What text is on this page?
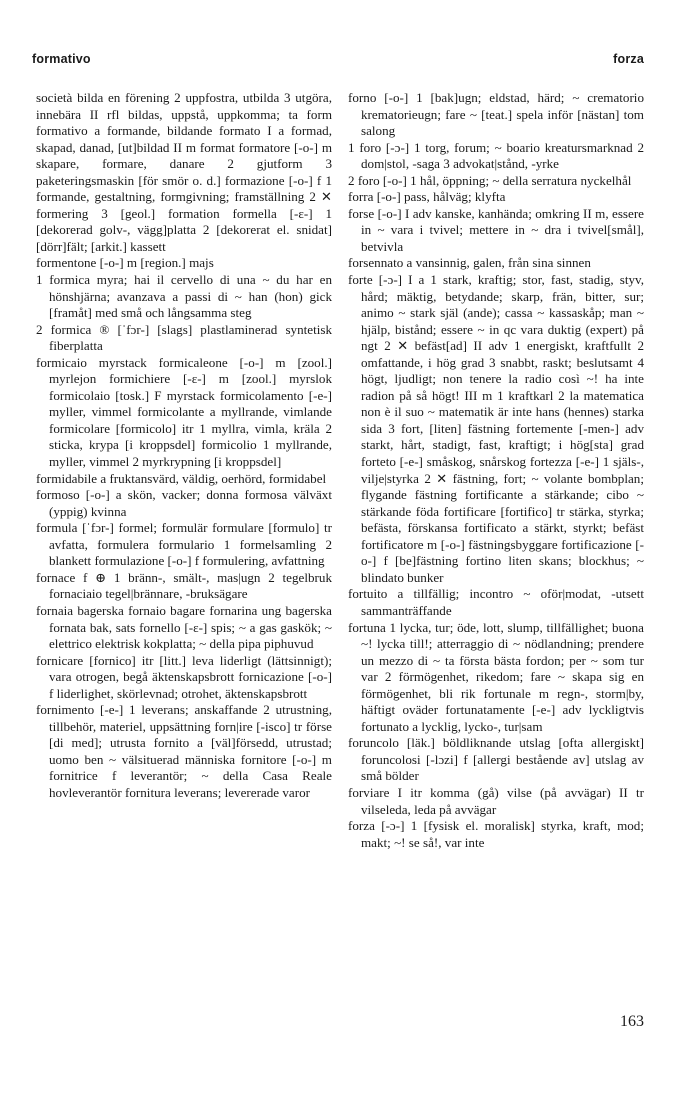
formativo	forza

società bilda en förening 2 uppfostra, utbilda 3 utgöra, innebära II rfl bildas, uppstå, uppkomma; ta form formativo a formande, bildande formato I a formad, skapad, danad, [ut]bildad II m format formatore [-o-] m skapare, formare, danare 2 gjutform 3 paketeringsmaskin [för smör o. d.] formazione [-o-] f 1 formande, gestaltning, formgivning; framställning 2 ✕ formering 3 [geol.] formation formella [-ε-] 1 [dekorerad golv-, vägg]platta 2 [dekorerat el. snidat] [dörr]fält; [arkit.] kassett

formentone [-o-] m [region.] majs

1 formica myra; hai il cervello di una ~ du har en hönshjärna; avanzava a passi di ~ han (hon) gick [framåt] med små och långsamma steg

2 formica ® [ˈfɔr-] [slags] plastlaminerad syntetisk fiberplatta

formicaio myrstack formicaleone [-o-] m [zool.] myrlejon formichiere [-ε-] m [zool.] myrslok formicolaio [tosk.] F myrstack formicolamento [-e-] myller, vimmel formicolante a myllrande, vimlande formicolare [formicolo] itr 1 myllra, vimla, kräla 2 sticka, krypa [i kroppsdel] formicolio 1 myllrande, myller, vimmel 2 myrkrypning [i kroppsdel]

formidabile a fruktansvärd, väldig, oerhörd, formidabel

formoso [-o-] a skön, vacker; donna formosa välväxt (yppig) kvinna

formula [ˈfɔr-] formel; formulär formulare [formulo] tr avfatta, formulera formulario 1 formelsamling 2 blankett formulazione [-o-] f formulering, avfattning

fornace f ⊕ 1 bränn-, smält-, mas|ugn 2 tegelbruk fornaciaio tegel|brännare, -bruksägare

fornaia bagerska fornaio bagare fornarina ung bagerska fornata bak, sats fornello [-ε-] spis; ~ a gas gaskök; ~ elettrico elektrisk kokplatta; ~ della pipa piphuvud

fornicare [fornico] itr [litt.] leva liderligt (lättsinnigt); vara otrogen, begå äktenskapsbrott fornicazione [-o-] f liderlighet, skörlevnad; otrohet, äktenskapsbrott

fornimento [-e-] 1 leverans; anskaffande 2 utrustning, tillbehör, materiel, uppsättning forn|ire [-isco] tr förse [di med]; utrusta fornito a [väl]försedd, utrustad; uomo ben ~ välsituerad människa fornitore [-o-] m fornitrice f leverantör; ~ della Casa Reale hovleverantör fornitura leverans; levererade varor

forno [-o-] 1 [bak]ugn; eldstad, härd; ~ crematorio krematorieugn; fare ~ [teat.] spela inför [nästan] tom salong

1 foro [-ɔ-] 1 torg, forum; ~ boario kreatursmarknad 2 dom|stol, -saga 3 advokat|stånd, -yrke

2 foro [-o-] 1 hål, öppning; ~ della serratura nyckelhål

forra [-o-] pass, hålväg; klyfta

forse [-o-] I adv kanske, kanhända; omkring II m, essere in ~ vara i tvivel; mettere in ~ dra i tvivel[smål], betvivla

forsennato a vansinnig, galen, från sina sinnen

forte [-ɔ-] I a 1 stark, kraftig; stor, fast, stadig, styv, hård; mäktig, betydande; skarp, frän, bitter, sur; animo ~ stark själ (ande); cassa ~ kassaskåp; man ~ hjälp, bistånd; essere ~ in qc vara duktig (expert) på ngt 2 ✕ befäst[ad] II adv 1 energiskt, kraftfullt 2 omfattande, i hög grad 3 snabbt, raskt; beslutsamt 4 högt, ljudligt; non tenere la radio così ~! ha inte radion på så högt! III m 1 kraftkarl 2 la matematica non è il suo ~ matematik är inte hans (hennes) starka sida 3 fort, [liten] fästning fortemente [-men-] adv starkt, hårt, stadigt, fast, kraftigt; i hög[sta] grad forteto [-e-] småskog, snårskog fortezza [-e-] 1 själs-, vilje|styrka 2 ✕ fästning, fort; ~ volante bombplan; flygande fästning fortificante a stärkande; cibo ~ stärkande föda fortificare [fortifico] tr stärka, styrka; befästa, förskansa fortificato a stärkt, styrkt; befäst fortificatore m [-o-] fästningsbyggare fortificazione [-o-] f [be]fästning fortino liten skans; blockhus; ~ blindato bunker

fortuito a tillfällig; incontro ~ oför|modat, -utsett sammanträffande

fortuna 1 lycka, tur; öde, lott, slump, tillfällighet; buona ~! lycka till!; atterraggio di ~ nödlandning; prendere un mezzo di ~ ta första bästa fordon; per ~ som tur var 2 förmögenhet, rikedom; fare ~ skapa sig en förmögenhet, bli rik fortunale m regn-, storm|by, häftigt oväder fortunatamente [-e-] adv lyckligtvis fortunato a lycklig, lycko-, tur|sam

foruncolo [läk.] böldliknande utslag [ofta allergiskt] foruncolosi [-lɔzi] f [allergi bestående av] utslag av små bölder

forviare I itr komma (gå) vilse (på avvägar) II tr vilseleda, leda på avvägar

forza [-ɔ-] 1 [fysisk el. moralisk] styrka, kraft, mod; makt; ~! se så!, var inte

163
